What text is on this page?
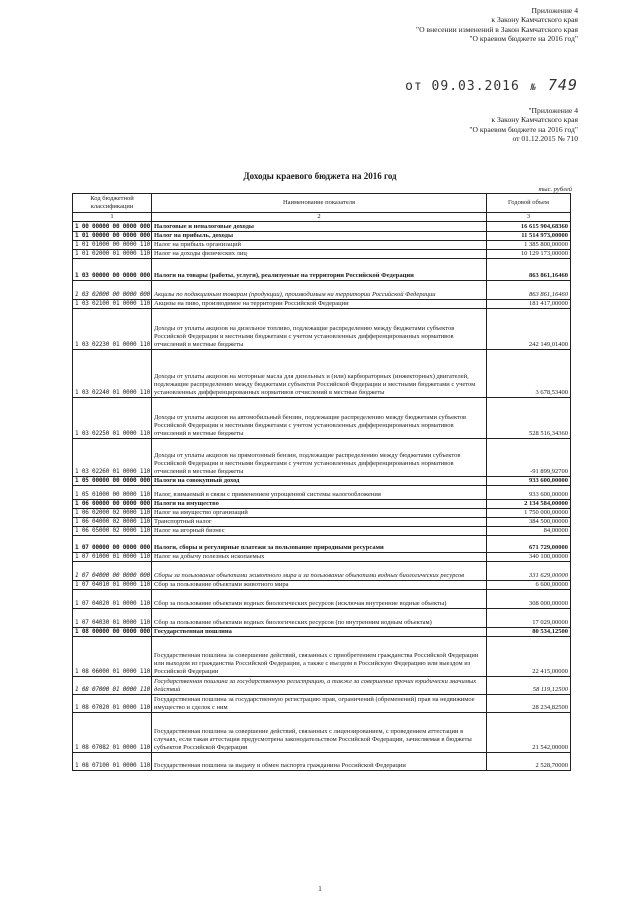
Приложение 4
к Закону Камчатского края
"О внесении изменений в Закон Камчатского края
"О краевом бюджете на 2016 год"
от 09.03.2016 № 749
"Приложение 4
к Закону Камчатского края
"О краевом бюджете на 2016 год"
от 01.12.2015 № 710
Доходы краевого бюджета на 2016 год
тыс. рублей
Код бюджетной классификации	Наименование показателя	Годовой объем
1	2	3
1 00 00000 00 0000 000	Налоговые и неналоговые доходы	16 615 904,68360
1 01 00000 00 0000 000	Налог на прибыль, доходы	11 514 973,00000
1 01 01000 00 0000 110	Налог на прибыль организаций	1 385 800,00000
1 01 02000 01 0000 110	Налог на доходы физических лиц	10 129 173,00000
1 03 00000 00 0000 000	Налоги на товары (работы, услуги), реализуемые на территории Российской Федерации	863 861,16460
1 03 02000 00 0000 000	Акцизы по подакцизным товарам (продукции), производимым на территории Российской Федерации	863 861,16460
1 03 02100 01 0000 110	Акцизы на пиво, производимое на территории Российской Федерации	181 417,00000
1 03 02230 01 0000 110	Доходы от уплаты акцизов на дизельное топливо, подлежащие распределению между бюджетами субъектов Российской Федерации и местными бюджетами с учетом установленных дифференцированных нормативов отчислений в местные бюджеты	242 149,01400
1 03 02240 01 0000 110	Доходы от уплаты акцизов на моторные масла для дизельных и (или) карбюраторных (инжекторных) двигателей, подлежащие распределению между бюджетами субъектов Российской Федерации и местными бюджетами с учетом установленных дифференцированных нормативов отчислений в местные бюджеты	3 678,53400
1 03 02250 01 0000 110	Доходы от уплаты акцизов на автомобильный бензин, подлежащие распределению между бюджетами субъектов Российской Федерации и местными бюджетами с учетом установленных дифференцированных нормативов отчислений в местные бюджеты	528 516,34360
1 03 02260 01 0000 110	Доходы от уплаты акцизов на прямогонный бензин, подлежащие распределению между бюджетами субъектов Российской Федерации и местными бюджетами с учетом установленных дифференцированных нормативов отчислений в местные бюджеты	-91 899,92700
1 05 00000 00 0000 000	Налоги на совокупный доход	933 600,00000
1 05 01000 00 0000 110	Налог, взимаемый в связи с применением упрощенной системы налогообложения	933 600,00000
1 06 00000 00 0000 000	Налоги на имущество	2 134 584,00000
1 06 02000 02 0000 110	Налог на имущество организаций	1 750 000,00000
1 06 04000 02 0000 110	Транспортный налог	384 500,00000
1 06 05000 02 0000 110	Налог на игорный бизнес	84,00000
1 07 00000 00 0000 000	Налоги, сборы и регулярные платежи за пользование природными ресурсами	671 729,00000
1 07 01000 01 0000 110	Налог на добычу полезных ископаемых	340 100,00000
1 07 04000 00 0000 000	Сборы за пользование объектами животного мира и за пользование объектами водных биологических ресурсов	331 629,00000
1 07 04010 01 0000 110	Сбор за пользование объектами животного мира	6 600,00000
1 07 04020 01 0000 110	Сбор за пользование объектами водных биологических ресурсов (исключая внутренние водные объекты)	308 000,00000
1 07 04030 01 0000 110	Сбор за пользование объектами водных биологических ресурсов (по внутренним водным объектам)	17 029,00000
1 08 00000 00 0000 000	Государственная пошлина	80 534,12500
1 08 06000 01 0000 110	Государственная пошлина за совершение действий, связанных с приобретением гражданства Российской Федерации или выходом из гражданства Российской Федерации, а также с въездом в Российскую Федерацию или выездом из Российской Федерации	22 415,00000
1 08 07000 01 0000 110	Государственная пошлина за государственную регистрацию, а также за совершение прочих юридически значимых действий	58 119,12500
1 08 07020 01 0000 110	Государственная пошлина за государственную регистрацию прав, ограничений (обременений) прав на недвижимое имущество и сделок с ним	28 234,82500
1 08 07082 01 0000 110	Государственная пошлина за совершение действий, связанных с лицензированием, с проведением аттестации в случаях, если такая аттестация предусмотрена законодательством Российской Федерации, зачисляемая в бюджеты субъектов Российской Федерации	21 542,00000
1 08 07100 01 0000 110	Государственная пошлина за выдачу и обмен паспорта гражданина Российской Федерации	2 528,70000
1
